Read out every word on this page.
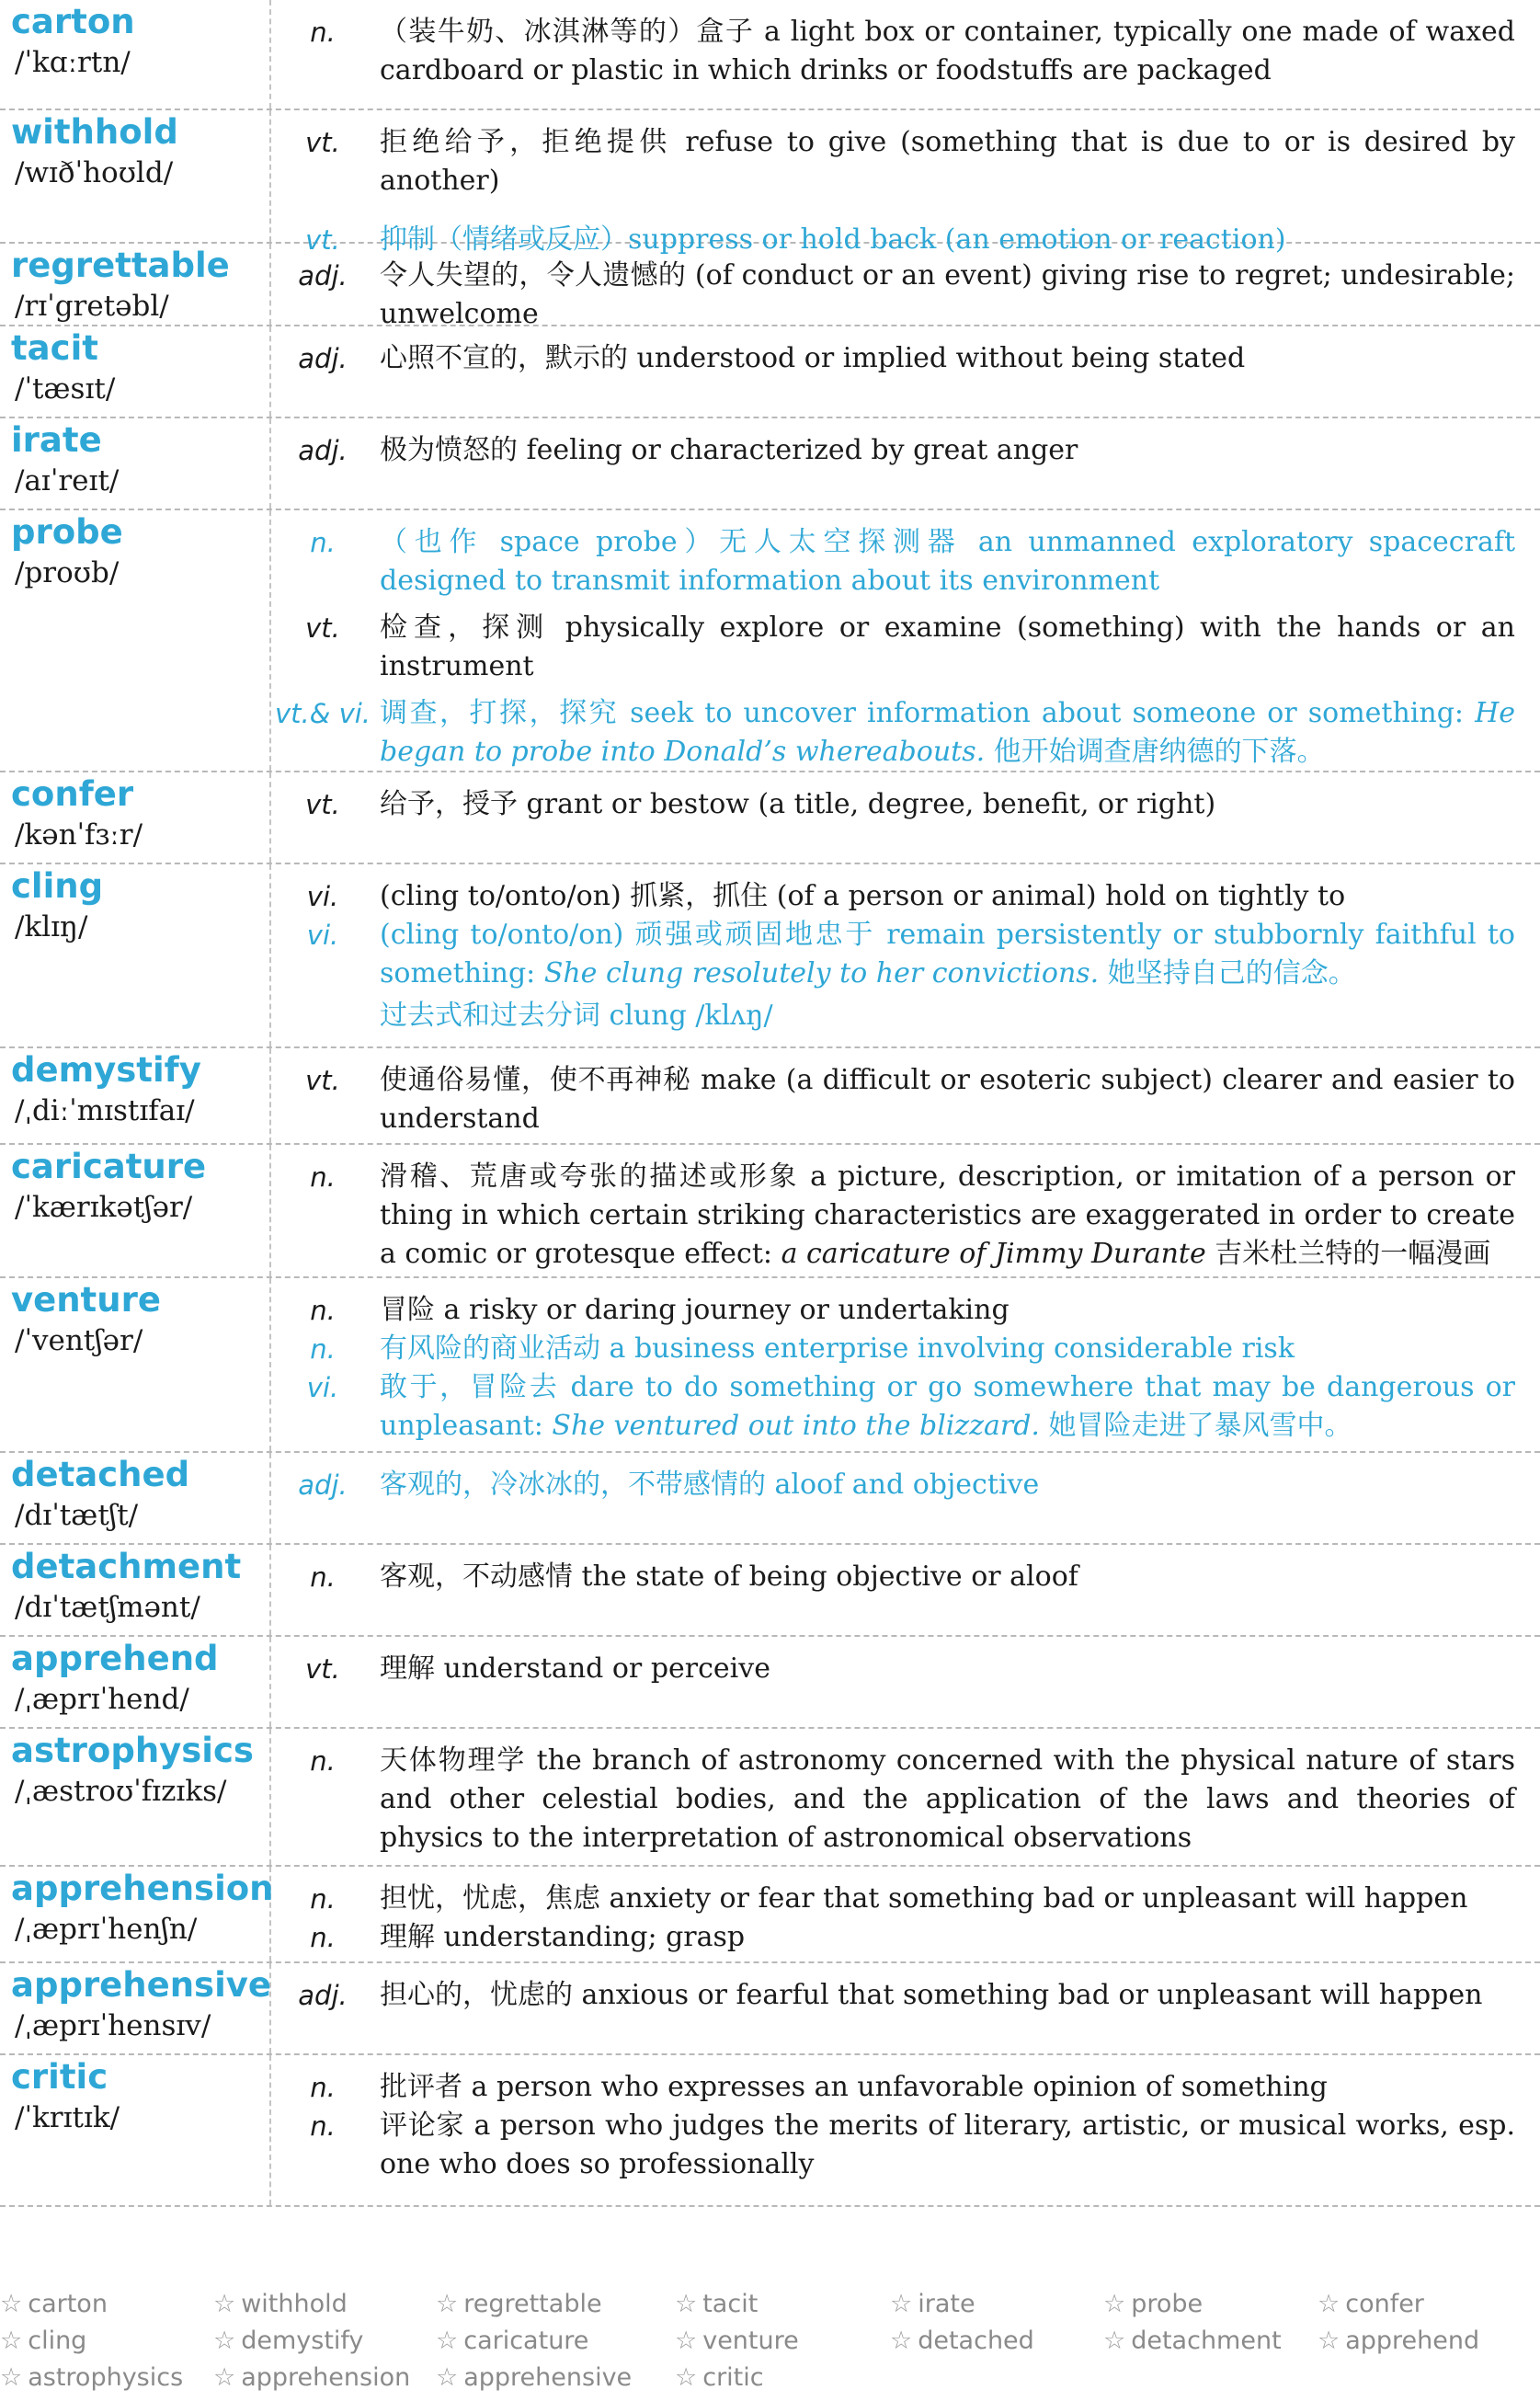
carton
/ˈkɑːrtn/
n.	（装牛奶、冰淇淋等的）盒子 a light box or container, typically one made of waxed cardboard or plastic in which drinks or foodstuffs are packaged
withhold
/wɪðˈhoʊld/
vt.	拒绝给予，拒绝提供 refuse to give (something that is due to or is desired by another)
vt.	抑制（情绪或反应）suppress or hold back (an emotion or reaction)
regrettable
/rɪˈgretəbl/
adj.	令人失望的，令人遗憾的 (of conduct or an event) giving rise to regret; undesirable; unwelcome
tacit
/ˈtæsɪt/
adj.	心照不宣的，默示的 understood or implied without being stated
irate
/aɪˈreɪt/
adj.	极为愤怒的 feeling or characterized by great anger
probe
/proʊb/
n.	（也作 space probe）无人太空探测器 an unmanned exploratory spacecraft designed to transmit information about its environment
vt.	检查，探测 physically explore or examine (something) with the hands or an instrument
vt.& vi. 调查，打探，探究 seek to uncover information about someone or something: He began to probe into Donald’s whereabouts. 他开始调查唐纳德的下落。
confer
/kənˈfɜːr/
vt.	给予，授予 grant or bestow (a title, degree, benefit, or right)
cling
/klɪŋ/
vi.	(cling to/onto/on) 抓紧，抓住 (of a person or animal) hold on tightly to
vi.	(cling to/onto/on) 顽强或顽固地忠于 remain persistently or stubbornly faithful to something: She clung resolutely to her convictions. 她坚持自己的信念。
过去式和过去分词 clung /klʌŋ/
demystify
/ˌdiːˈmɪstɪfaɪ/
vt.	使通俗易懂，使不再神秘 make (a difficult or esoteric subject) clearer and easier to understand
caricature
/ˈkærɪkətʃər/
n.	滑稽、荒唐或夸张的描述或形象 a picture, description, or imitation of a person or thing in which certain striking characteristics are exaggerated in order to create a comic or grotesque effect: a caricature of Jimmy Durante 吉米杜兰特的一幅漫画
venture
/ˈventʃər/
n.	冒险 a risky or daring journey or undertaking
n.	有风险的商业活动 a business enterprise involving considerable risk
vi.	敢于，冒险去 dare to do something or go somewhere that may be dangerous or unpleasant: She ventured out into the blizzard. 她冒险走进了暴风雪中。
detached
/dɪˈtætʃt/
adj.	客观的，冷冰冰的，不带感情的 aloof and objective
detachment
/dɪˈtætʃmənt/
n.	客观，不动感情 the state of being objective or aloof
apprehend
/ˌæprɪˈhend/
vt.	理解 understand or perceive
astrophysics
/ˌæstroʊˈfɪzɪks/
n.	天体物理学 the branch of astronomy concerned with the physical nature of stars and other celestial bodies, and the application of the laws and theories of physics to the interpretation of astronomical observations
apprehension
/ˌæprɪˈhenʃn/
n.	担忧，忧虑，焦虑 anxiety or fear that something bad or unpleasant will happen
n.	理解 understanding; grasp
apprehensive
/ˌæprɪˈhensɪv/
adj.	担心的，忧虑的 anxious or fearful that something bad or unpleasant will happen
critic
/ˈkrɪtɪk/
n.	批评者 a person who expresses an unfavorable opinion of something
n.	评论家 a person who judges the merits of literary, artistic, or musical works, esp. one who does so professionally
☆ carton	☆ withhold	☆ regrettable	☆ tacit	☆ irate	☆ probe	☆ confer
☆ cling	☆ demystify	☆ caricature	☆ venture	☆ detached	☆ detachment ☆ apprehend
☆ astrophysics ☆ apprehension ☆ apprehensive ☆ critic
